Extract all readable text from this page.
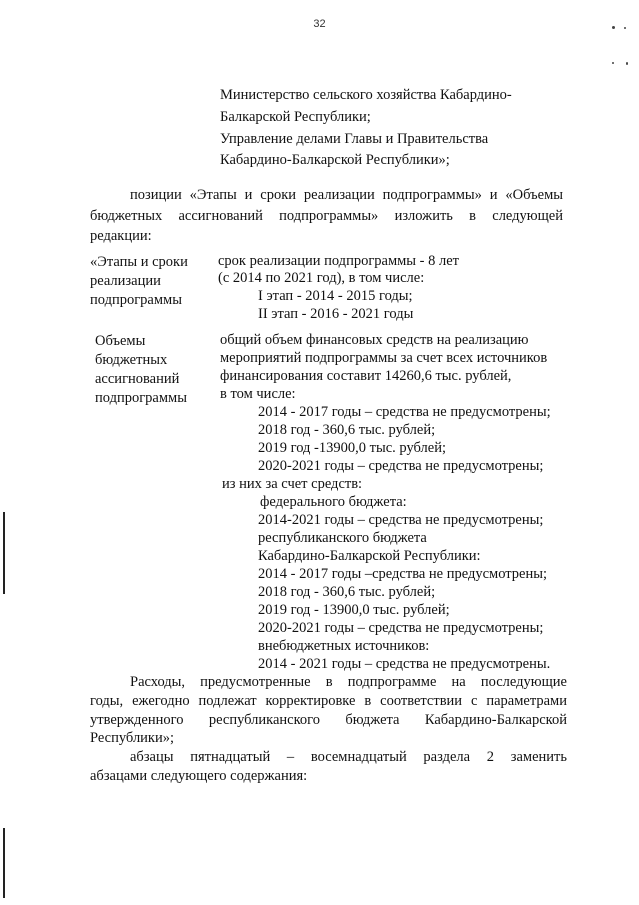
32
Министерство сельского хозяйства Кабардино-
Балкарской Республики;
Управление делами Главы и Правительства
Кабардино-Балкарской Республики»;
позиции «Этапы и сроки реализации подпрограммы» и «Объемы
бюджетных ассигнований подпрограммы» изложить в следующей
редакции:
«Этапы и сроки
реализации
подпрограммы
срок реализации подпрограммы - 8 лет
(с 2014 по 2021 год), в том числе:
I этап - 2014 - 2015 годы;
II этап - 2016 - 2021 годы
Объемы
бюджетных
ассигнований
подпрограммы
общий объем финансовых средств на реализацию
мероприятий подпрограммы за счет всех источников
финансирования составит 14260,6 тыс. рублей,
в том числе:
2014 - 2017 годы – средства не предусмотрены;
2018 год - 360,6 тыс. рублей;
2019 год -13900,0 тыс. рублей;
2020-2021 годы – средства не предусмотрены;
из них за счет средств:
федерального бюджета:
2014-2021 годы – средства не предусмотрены;
республиканского бюджета
Кабардино-Балкарской Республики:
2014 - 2017 годы –средства не предусмотрены;
2018 год - 360,6 тыс. рублей;
2019 год - 13900,0 тыс. рублей;
2020-2021 годы – средства не предусмотрены;
внебюджетных источников:
2014 - 2021 годы – средства не предусмотрены.
Расходы, предусмотренные в подпрограмме на последующие
годы, ежегодно подлежат корректировке в соответствии с параметрами
утвержденного республиканского бюджета Кабардино-Балкарской
Республики»;
абзацы пятнадцатый – восемнадцатый раздела 2 заменить
абзацами следующего содержания:
